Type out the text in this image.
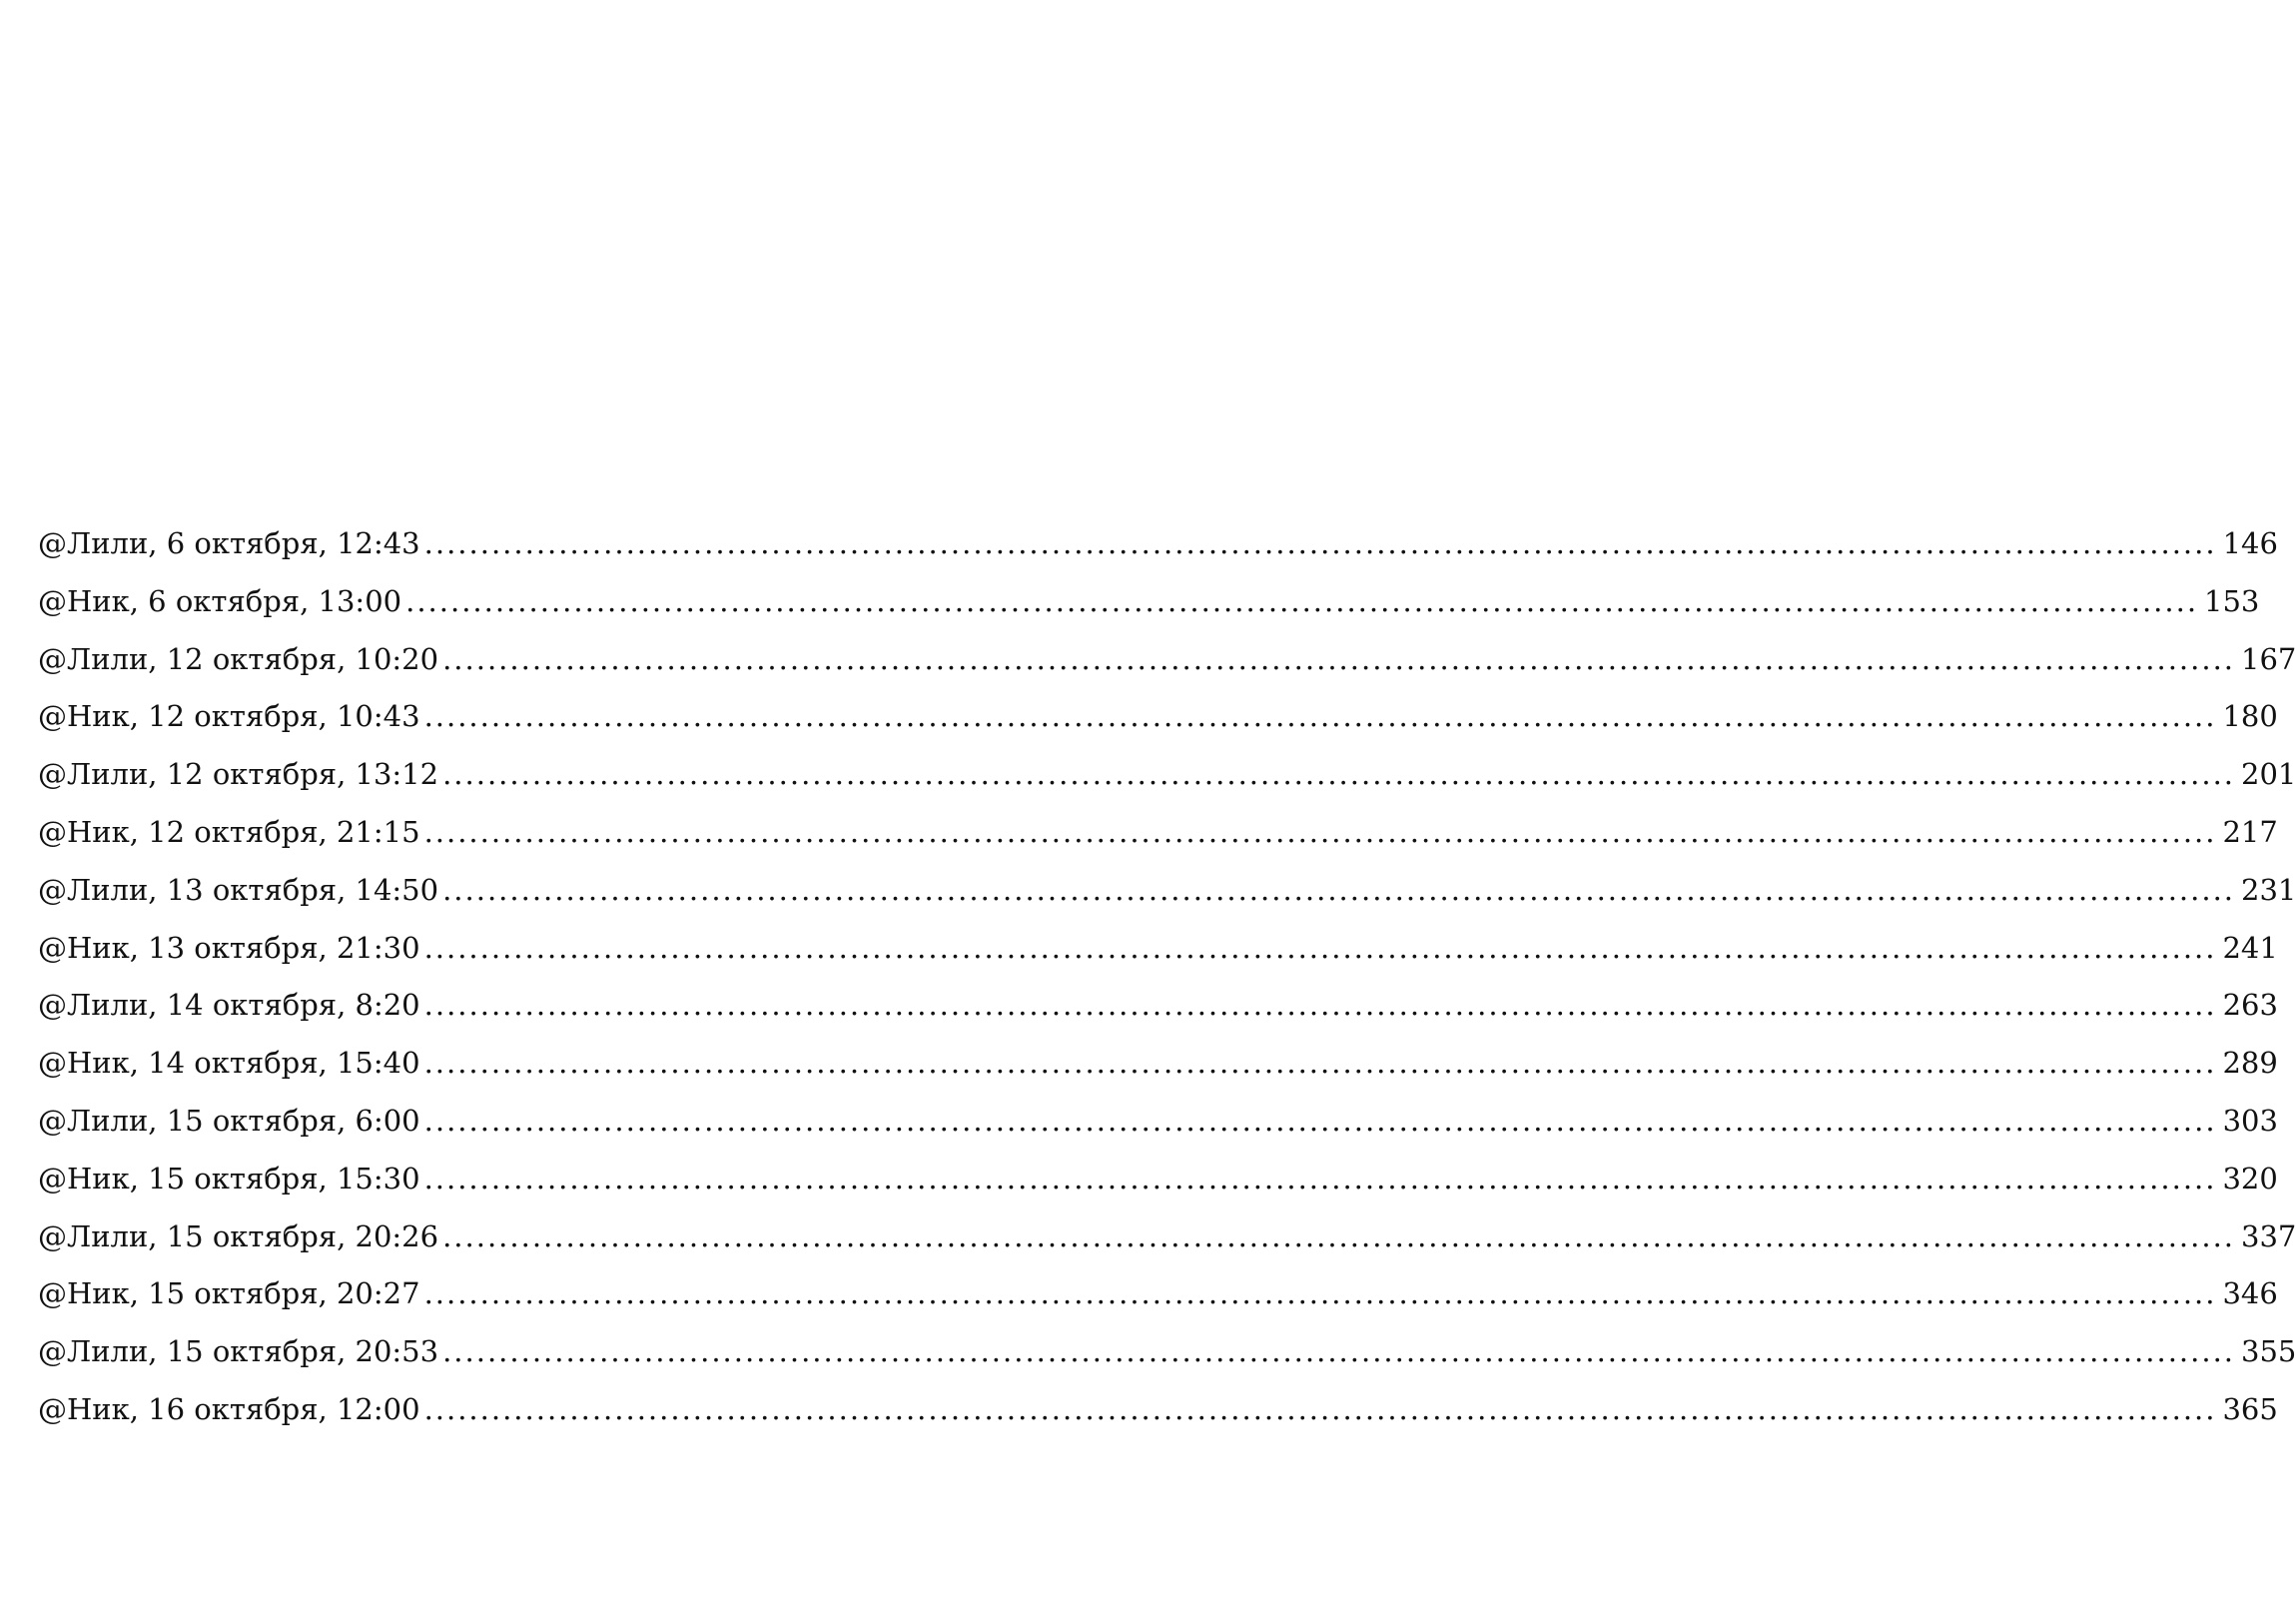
@Лили, 6 октября, 12:43 ................................................................................................................................................................ 146
@Ник, 6 октября, 13:00 ................................................................................................................................................................ 153
@Лили, 12 октября, 10:20 ................................................................................................................................................................ 167
@Ник, 12 октября, 10:43 ................................................................................................................................................................ 180
@Лили, 12 октября, 13:12 ................................................................................................................................................................ 201
@Ник, 12 октября, 21:15 ................................................................................................................................................................ 217
@Лили, 13 октября, 14:50 ................................................................................................................................................................ 231
@Ник, 13 октября, 21:30 ................................................................................................................................................................ 241
@Лили, 14 октября, 8:20 ................................................................................................................................................................ 263
@Ник, 14 октября, 15:40 ................................................................................................................................................................ 289
@Лили, 15 октября, 6:00 ................................................................................................................................................................ 303
@Ник, 15 октября, 15:30 ................................................................................................................................................................ 320
@Лили, 15 октября, 20:26 ................................................................................................................................................................ 337
@Ник, 15 октября, 20:27 ................................................................................................................................................................ 346
@Лили, 15 октября, 20:53 ................................................................................................................................................................ 355
@Ник, 16 октября, 12:00 ................................................................................................................................................................ 365
